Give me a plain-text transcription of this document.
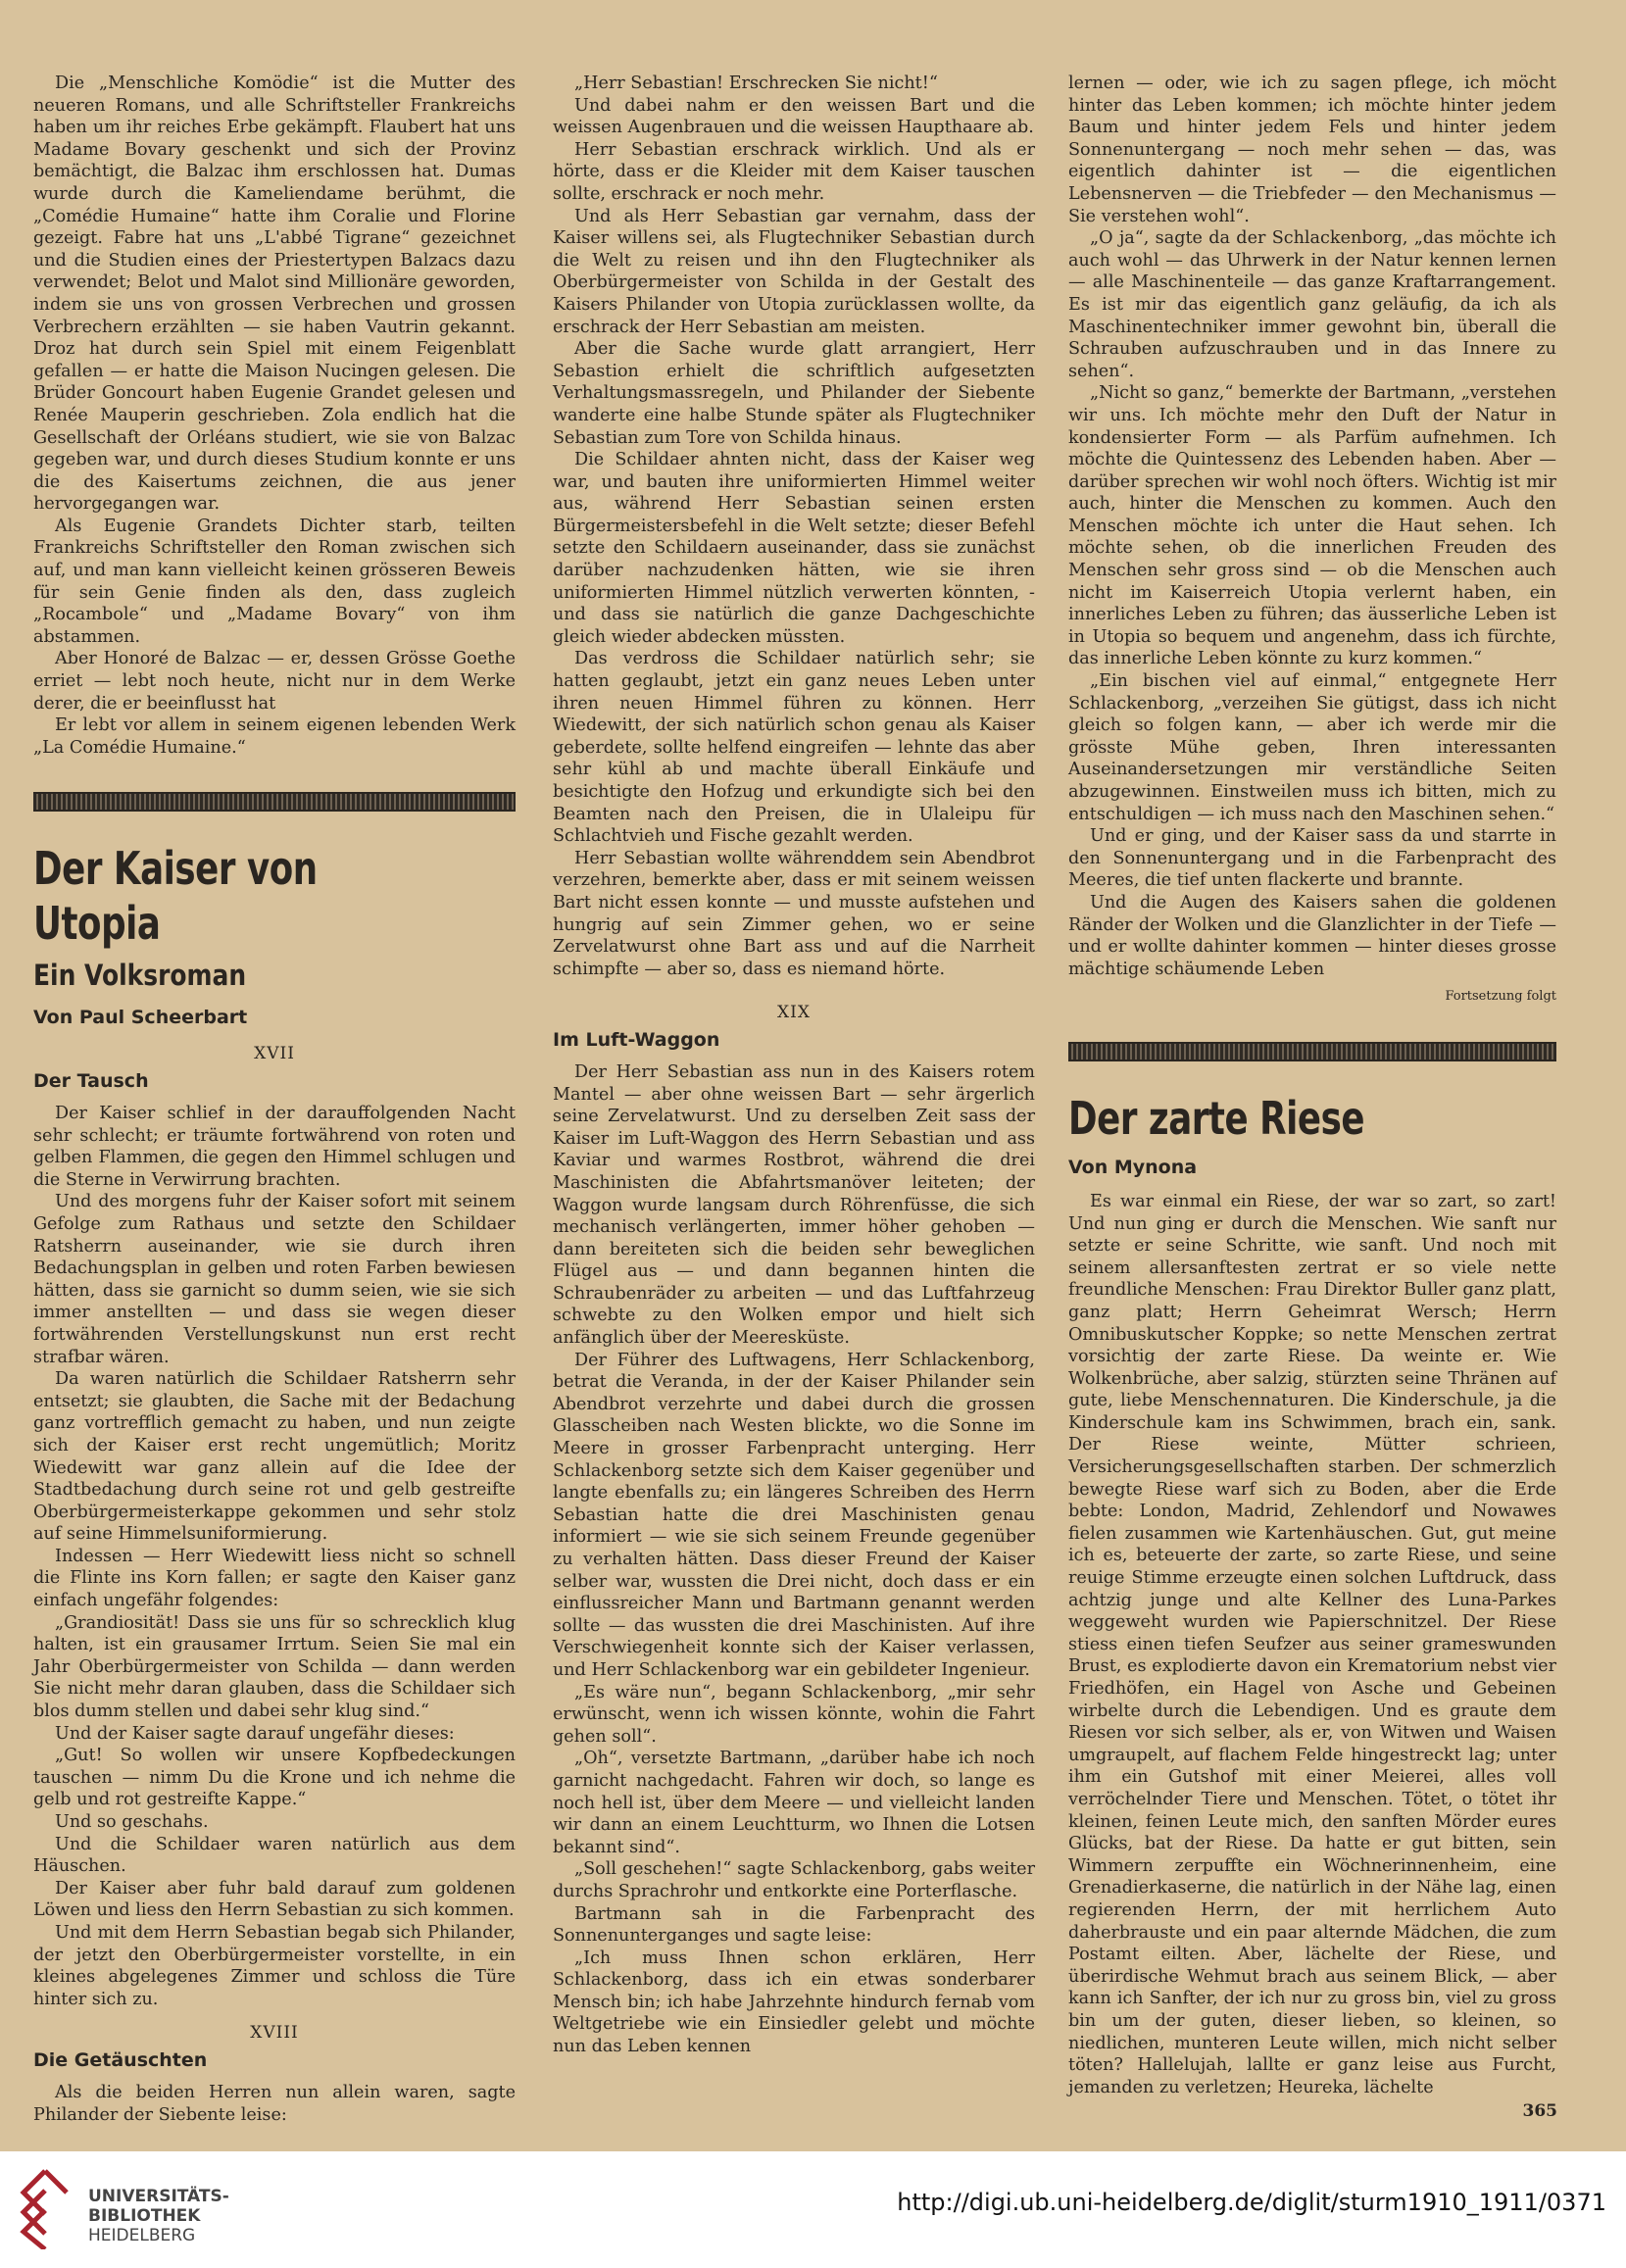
Die „Menschliche Komödie“ ist die Mutter des neueren Romans, und alle Schriftsteller Frankreichs haben um ihr reiches Erbe gekämpft. Flaubert hat uns Madame Bovary geschenkt und sich der Provinz bemächtigt, die Balzac ihm erschlossen hat. Dumas wurde durch die Kameliendame berühmt, die „Comédie Humaine“ hatte ihm Coralie und Florine gezeigt. Fabre hat uns „L'abbé Tigrane“ gezeichnet und die Studien eines der Priestertypen Balzacs dazu verwendet; Belot und Malot sind Millionäre geworden, indem sie uns von grossen Verbrechen und grossen Verbrechern erzählten — sie haben Vautrin gekannt. Droz hat durch sein Spiel mit einem Feigenblatt gefallen — er hatte die Maison Nucingen gelesen. Die Brüder Goncourt haben Eugenie Grandet gelesen und Renée Mauperin geschrieben. Zola endlich hat die Gesellschaft der Orléans studiert, wie sie von Balzac gegeben war, und durch dieses Studium konnte er uns die des Kaisertums zeichnen, die aus jener hervorgegangen war.

Als Eugenie Grandets Dichter starb, teilten Frankreichs Schriftsteller den Roman zwischen sich auf, und man kann vielleicht keinen grösseren Beweis für sein Genie finden als den, dass zugleich „Rocambole“ und „Madame Bovary“ von ihm abstammen.

Aber Honoré de Balzac — er, dessen Grösse Goethe erriet — lebt noch heute, nicht nur in dem Werke derer, die er beeinflusst hat

Er lebt vor allem in seinem eigenen lebenden Werk „La Comédie Humaine.“

Der Kaiser von Utopia
Ein Volksroman
Von Paul Scheerbart
XVII
Der Tausch

Der Kaiser schlief in der darauffolgenden Nacht sehr schlecht; er träumte fortwährend von roten und gelben Flammen, die gegen den Himmel schlugen und die Sterne in Verwirrung brachten.

Und des morgens fuhr der Kaiser sofort mit seinem Gefolge zum Rathaus und setzte den Schildaer Ratsherrn auseinander, wie sie durch ihren Bedachungsplan in gelben und roten Farben bewiesen hätten, dass sie garnicht so dumm seien, wie sie sich immer anstellten — und dass sie wegen dieser fortwährenden Verstellungskunst nun erst recht strafbar wären.

Da waren natürlich die Schildaer Ratsherrn sehr entsetzt; sie glaubten, die Sache mit der Bedachung ganz vortrefflich gemacht zu haben, und nun zeigte sich der Kaiser erst recht ungemütlich; Moritz Wiedewitt war ganz allein auf die Idee der Stadtbedachung durch seine rot und gelb gestreifte Oberbürgermeisterkappe gekommen und sehr stolz auf seine Himmelsuniformierung.

Indessen — Herr Wiedewitt liess nicht so schnell die Flinte ins Korn fallen; er sagte den Kaiser ganz einfach ungefähr folgendes:

„Grandiosität! Dass sie uns für so schrecklich klug halten, ist ein grausamer Irrtum. Seien Sie mal ein Jahr Oberbürgermeister von Schilda — dann werden Sie nicht mehr daran glauben, dass die Schildaer sich blos dumm stellen und dabei sehr klug sind.“

Und der Kaiser sagte darauf ungefähr dieses:

„Gut! So wollen wir unsere Kopfbedeckungen tauschen — nimm Du die Krone und ich nehme die gelb und rot gestreifte Kappe.“

Und so geschahs.

Und die Schildaer waren natürlich aus dem Häuschen.

Der Kaiser aber fuhr bald darauf zum goldenen Löwen und liess den Herrn Sebastian zu sich kommen.

Und mit dem Herrn Sebastian begab sich Philander, der jetzt den Oberbürgermeister vorstellte, in ein kleines abgelegenes Zimmer und schloss die Türe hinter sich zu.

XVIII
Die Getäuschten

Als die beiden Herren nun allein waren, sagte Philander der Siebente leise:

„Herr Sebastian! Erschrecken Sie nicht!“

Und dabei nahm er den weissen Bart und die weissen Augenbrauen und die weissen Haupthaare ab.

Herr Sebastian erschrack wirklich. Und als er hörte, dass er die Kleider mit dem Kaiser tauschen sollte, erschrack er noch mehr.

Und als Herr Sebastian gar vernahm, dass der Kaiser willens sei, als Flugtechniker Sebastian durch die Welt zu reisen und ihn den Flugtechniker als Oberbürgermeister von Schilda in der Gestalt des Kaisers Philander von Utopia zurücklassen wollte, da erschrack der Herr Sebastian am meisten.

Aber die Sache wurde glatt arrangiert, Herr Sebastion erhielt die schriftlich aufgesetzten Verhaltungsmassregeln, und Philander der Siebente wanderte eine halbe Stunde später als Flugtechniker Sebastian zum Tore von Schilda hinaus.

Die Schildaer ahnten nicht, dass der Kaiser weg war, und bauten ihre uniformierten Himmel weiter aus, während Herr Sebastian seinen ersten Bürgermeistersbefehl in die Welt setzte; dieser Befehl setzte den Schildaern auseinander, dass sie zunächst darüber nachzudenken hätten, wie sie ihren uniformierten Himmel nützlich verwerten könnten, - und dass sie natürlich die ganze Dachgeschichte gleich wieder abdecken müssten.

Das verdross die Schildaer natürlich sehr; sie hatten geglaubt, jetzt ein ganz neues Leben unter ihren neuen Himmel führen zu können. Herr Wiedewitt, der sich natürlich schon genau als Kaiser geberdete, sollte helfend eingreifen — lehnte das aber sehr kühl ab und machte überall Einkäufe und besichtigte den Hofzug und erkundigte sich bei den Beamten nach den Preisen, die in Ulaleipu für Schlachtvieh und Fische gezahlt werden.

Herr Sebastian wollte währenddem sein Abendbrot verzehren, bemerkte aber, dass er mit seinem weissen Bart nicht essen konnte — und musste aufstehen und hungrig auf sein Zimmer gehen, wo er seine Zervelatwurst ohne Bart ass und auf die Narrheit schimpfte — aber so, dass es niemand hörte.

XIX
Im Luft-Waggon

Der Herr Sebastian ass nun in des Kaisers rotem Mantel — aber ohne weissen Bart — sehr ärgerlich seine Zervelatwurst. Und zu derselben Zeit sass der Kaiser im Luft-Waggon des Herrn Sebastian und ass Kaviar und warmes Rostbrot, während die drei Maschinisten die Abfahrtsmanöver leiteten; der Waggon wurde langsam durch Röhrenfüsse, die sich mechanisch verlängerten, immer höher gehoben — dann bereiteten sich die beiden sehr beweglichen Flügel aus — und dann begannen hinten die Schraubenräder zu arbeiten — und das Luftfahrzeug schwebte zu den Wolken empor und hielt sich anfänglich über der Meeresküste.

Der Führer des Luftwagens, Herr Schlackenborg, betrat die Veranda, in der der Kaiser Philander sein Abendbrot verzehrte und dabei durch die grossen Glasscheiben nach Westen blickte, wo die Sonne im Meere in grosser Farbenpracht unterging. Herr Schlackenborg setzte sich dem Kaiser gegenüber und langte ebenfalls zu; ein längeres Schreiben des Herrn Sebastian hatte die drei Maschinisten genau informiert — wie sie sich seinem Freunde gegenüber zu verhalten hätten. Dass dieser Freund der Kaiser selber war, wussten die Drei nicht, doch dass er ein einflussreicher Mann und Bartmann genannt werden sollte — das wussten die drei Maschinisten. Auf ihre Verschwiegenheit konnte sich der Kaiser verlassen, und Herr Schlackenborg war ein gebildeter Ingenieur.

„Es wäre nun“, begann Schlackenborg, „mir sehr erwünscht, wenn ich wissen könnte, wohin die Fahrt gehen soll“.

„Oh“, versetzte Bartmann, „darüber habe ich noch garnicht nachgedacht. Fahren wir doch, so lange es noch hell ist, über dem Meere — und vielleicht landen wir dann an einem Leuchtturm, wo Ihnen die Lotsen bekannt sind“.

„Soll geschehen!“ sagte Schlackenborg, gabs weiter durchs Sprachrohr und entkorkte eine Porterflasche.

Bartmann sah in die Farbenpracht des Sonnenunterganges und sagte leise:

„Ich muss Ihnen schon erklären, Herr Schlackenborg, dass ich ein etwas sonderbarer Mensch bin; ich habe Jahrzehnte hindurch fernab vom Weltgetriebe wie ein Einsiedler gelebt und möchte nun das Leben kennen

lernen — oder, wie ich zu sagen pflege, ich möcht hinter das Leben kommen; ich möchte hinter jedem Baum und hinter jedem Fels und hinter jedem Sonnenuntergang — noch mehr sehen — das, was eigentlich dahinter ist — die eigentlichen Lebensnerven — die Triebfeder — den Mechanismus — Sie verstehen wohl“.

„O ja“, sagte da der Schlackenborg, „das möchte ich auch wohl — das Uhrwerk in der Natur kennen lernen — alle Maschinenteile — das ganze Kraftarrangement. Es ist mir das eigentlich ganz geläufig, da ich als Maschinentechniker immer gewohnt bin, überall die Schrauben aufzuschrauben und in das Innere zu sehen“.

„Nicht so ganz,“ bemerkte der Bartmann, „verstehen wir uns. Ich möchte mehr den Duft der Natur in kondensierter Form — als Parfüm aufnehmen. Ich möchte die Quintessenz des Lebenden haben. Aber — darüber sprechen wir wohl noch öfters. Wichtig ist mir auch, hinter die Menschen zu kommen. Auch den Menschen möchte ich unter die Haut sehen. Ich möchte sehen, ob die innerlichen Freuden des Menschen sehr gross sind — ob die Menschen auch nicht im Kaiserreich Utopia verlernt haben, ein innerliches Leben zu führen; das äusserliche Leben ist in Utopia so bequem und angenehm, dass ich fürchte, das innerliche Leben könnte zu kurz kommen.“

„Ein bischen viel auf einmal,“ entgegnete Herr Schlackenborg, „verzeihen Sie gütigst, dass ich nicht gleich so folgen kann, — aber ich werde mir die grösste Mühe geben, Ihren interessanten Auseinandersetzungen mir verständliche Seiten abzugewinnen. Einstweilen muss ich bitten, mich zu entschuldigen — ich muss nach den Maschinen sehen.“

Und er ging, und der Kaiser sass da und starrte in den Sonnenuntergang und in die Farbenpracht des Meeres, die tief unten flackerte und brannte.

Und die Augen des Kaisers sahen die goldenen Ränder der Wolken und die Glanzlichter in der Tiefe — und er wollte dahinter kommen — hinter dieses grosse mächtige schäumende Leben

Fortsetzung folgt
Der zarte Riese
Von Mynona

Es war einmal ein Riese, der war so zart, so zart! Und nun ging er durch die Menschen. Wie sanft nur setzte er seine Schritte, wie sanft. Und noch mit seinem allersanftesten zertrat er so viele nette freundliche Menschen: Frau Direktor Buller ganz platt, ganz platt; Herrn Geheimrat Wersch; Herrn Omnibuskutscher Koppke; so nette Menschen zertrat vorsichtig der zarte Riese. Da weinte er. Wie Wolkenbrüche, aber salzig, stürzten seine Thränen auf gute, liebe Menschennaturen. Die Kinderschule, ja die Kinderschule kam ins Schwimmen, brach ein, sank. Der Riese weinte, Mütter schrieen, Versicherungsgesellschaften starben. Der schmerzlich bewegte Riese warf sich zu Boden, aber die Erde bebte: London, Madrid, Zehlendorf und Nowawes fielen zusammen wie Kartenhäuschen. Gut, gut meine ich es, beteuerte der zarte, so zarte Riese, und seine reuige Stimme erzeugte einen solchen Luftdruck, dass achtzig junge und alte Kellner des Luna-Parkes weggeweht wurden wie Papierschnitzel. Der Riese stiess einen tiefen Seufzer aus seiner grameswunden Brust, es explodierte davon ein Krematorium nebst vier Friedhöfen, ein Hagel von Asche und Gebeinen wirbelte durch die Lebendigen. Und es graute dem Riesen vor sich selber, als er, von Witwen und Waisen umgraupelt, auf flachem Felde hingestreckt lag; unter ihm ein Gutshof mit einer Meierei, alles voll verröchelnder Tiere und Menschen. Tötet, o tötet ihr kleinen, feinen Leute mich, den sanften Mörder eures Glücks, bat der Riese. Da hatte er gut bitten, sein Wimmern zerpuffte ein Wöchnerinnenheim, eine Grenadierkaserne, die natürlich in der Nähe lag, einen regierenden Herrn, der mit herrlichem Auto daherbrauste und ein paar alternde Mädchen, die zum Postamt eilten. Aber, lächelte der Riese, und überirdische Wehmut brach aus seinem Blick, — aber kann ich Sanfter, der ich nur zu gross bin, viel zu gross bin um der guten, dieser lieben, so kleinen, so niedlichen, munteren Leute willen, mich nicht selber töten? Hallelujah, lallte er ganz leise aus Furcht, jemanden zu verletzen; Heureka, lächelte

365
UNIVERSITÄTS-
BIBLIOTHEK
HEIDELBERG
http://digi.ub.uni-heidelberg.de/diglit/sturm1910_1911/0371
